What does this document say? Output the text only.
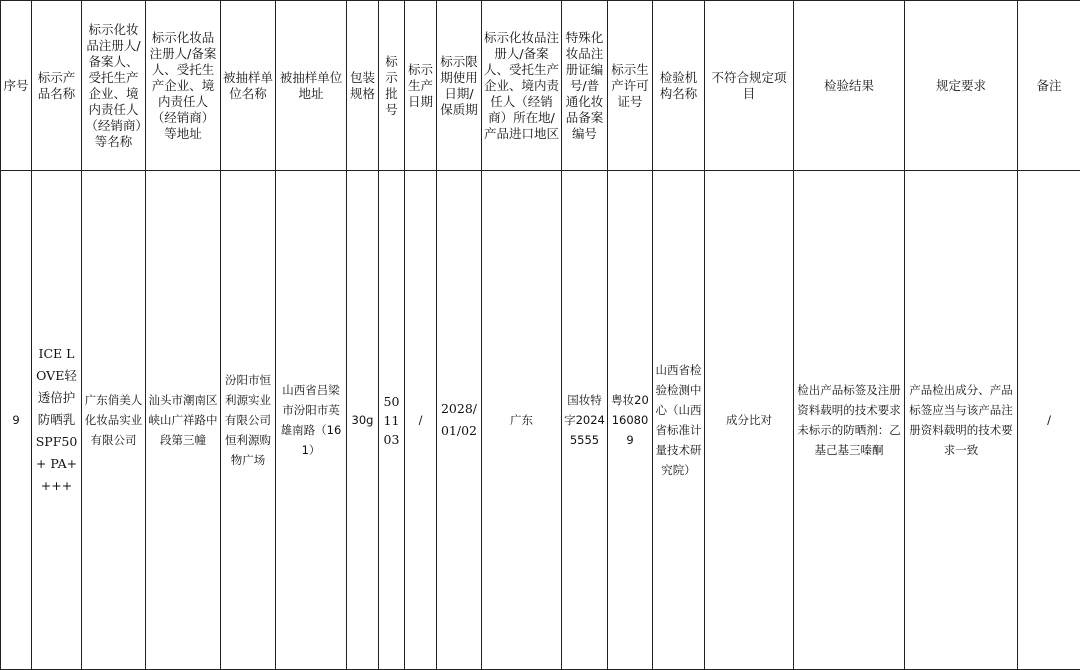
序号	标示产品名称	标示化妆品注册人/备案人、受托生产企业、境内责任人（经销商）等名称	标示化妆品注册人/备案人、受托生产企业、境内责任人（经销商）等地址	被抽样单位名称	被抽样单位地址	包装规格	标示批号	标示生产日期	标示限期使用日期/保质期	标示化妆品注册人/备案人、受托生产企业、境内责任人（经销商）所在地/产品进口地区	特殊化妆品注册证编号/普通化妆品备案编号	标示生产许可证号	检验机构名称	不符合规定项目	检验结果	规定要求	备注
9	ICE LOVE轻透倍护防晒乳SPF50+ PA++++	广东俏美人化妆品实业有限公司	汕头市潮南区峡山广祥路中段第三幢	汾阳市恒利源实业有限公司恒利源购物广场	山西省吕梁市汾阳市英雄南路（161）	30g	501103	/	2028/01/02	广东	国妆特字20245555	粤妆20160809	山西省检验检测中心（山西省标准计量技术研究院）	成分比对	检出产品标签及注册资料载明的技术要求未标示的防晒剂：乙基己基三嗪酮	产品检出成分、产品标签应当与该产品注册资料载明的技术要求一致	/
